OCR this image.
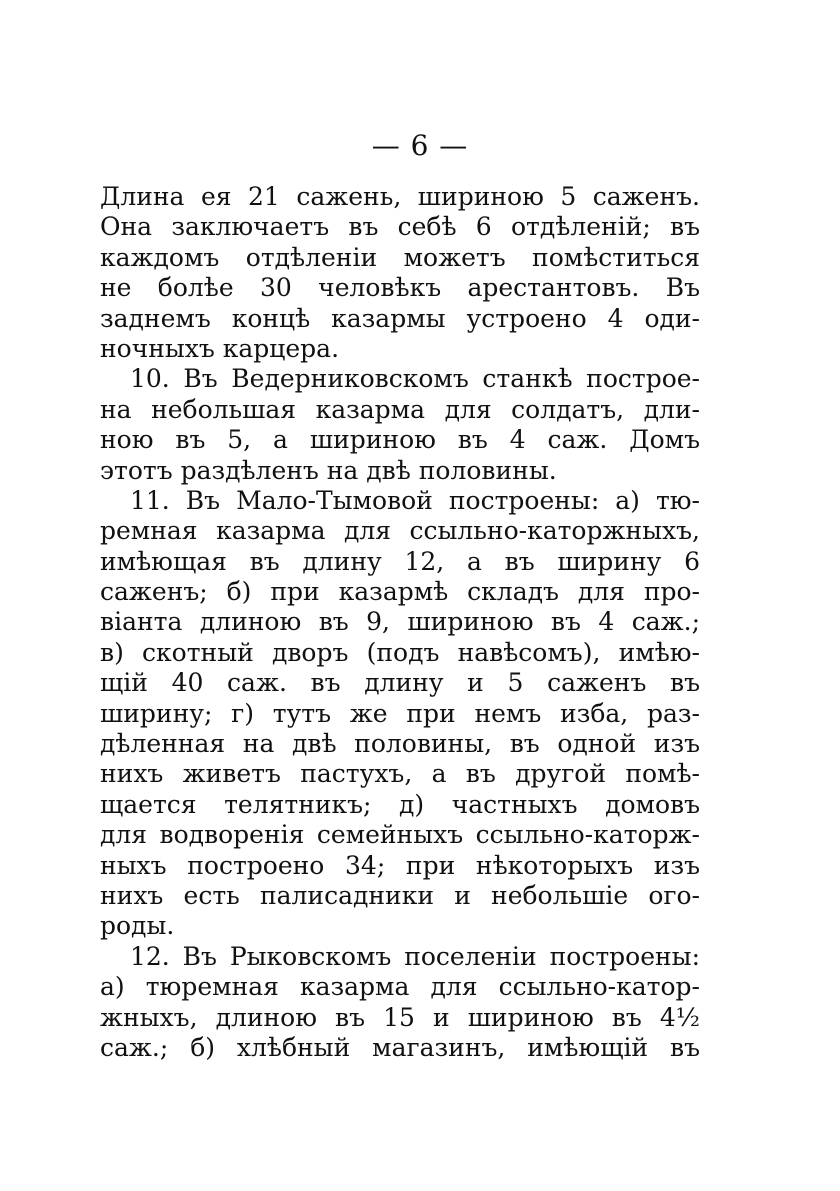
— 6 —
Длина ея 21 сажень, шириною 5 саженъ.
Она заключаетъ въ себѣ 6 отдѣленій; въ
каждомъ отдѣленіи можетъ помѣститься
не болѣе 30 человѣкъ арестантовъ. Въ
заднемъ концѣ казармы устроено 4 оди-
ночныхъ карцера.
10. Въ Ведерниковскомъ станкѣ построе-
на небольшая казарма для солдатъ, дли-
ною въ 5, а шириною въ 4 саж. Домъ
этотъ раздѣленъ на двѣ половины.
11. Въ Мало-Тымовой построены: а) тю-
ремная казарма для ссыльно-каторжныхъ,
имѣющая въ длину 12, а въ ширину 6
саженъ; б) при казармѣ складъ для про-
віанта длиною въ 9, шириною въ 4 саж.;
в) скотный дворъ (подъ навѣсомъ), имѣю-
щій 40 саж. въ длину и 5 саженъ въ
ширину; г) тутъ же при немъ изба, раз-
дѣленная на двѣ половины, въ одной изъ
нихъ живетъ пастухъ, а въ другой помѣ-
щается телятникъ; д) частныхъ домовъ
для водворенія семейныхъ ссыльно-каторж-
ныхъ построено 34; при нѣкоторыхъ изъ
нихъ есть палисадники и небольшіе ого-
роды.
12. Въ Рыковскомъ поселеніи построены:
а) тюремная казарма для ссыльно-катор-
жныхъ, длиною въ 15 и шириною въ 4½
саж.; б) хлѣбный магазинъ, имѣющій въ
